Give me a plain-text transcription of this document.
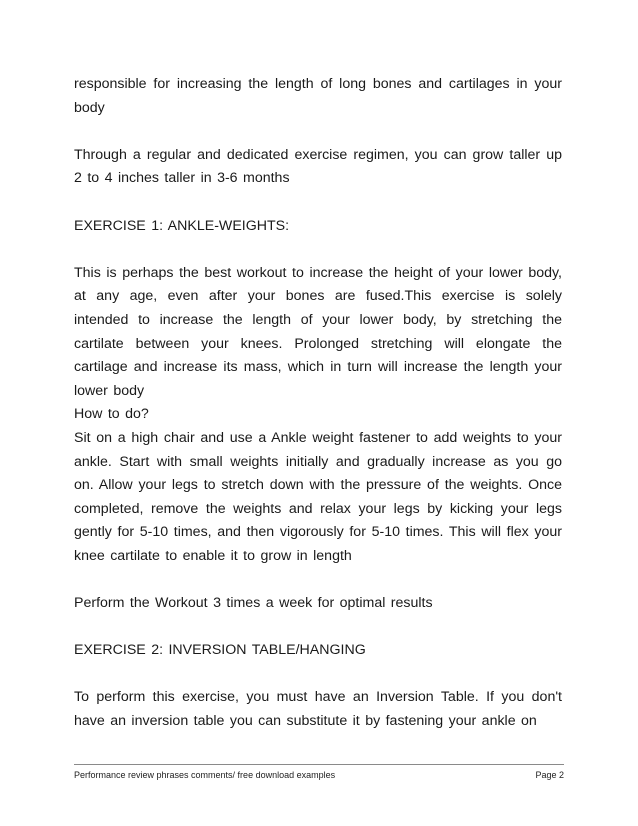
responsible for increasing the length of long bones and cartilages in your body

Through a regular and dedicated exercise regimen, you can grow taller up 2 to 4 inches taller in 3-6 months

EXERCISE 1: ANKLE-WEIGHTS:

This is perhaps the best workout to increase the height of your lower body, at any age, even after your bones are fused.This exercise is solely intended to increase the length of your lower body, by stretching the cartilate between your knees. Prolonged stretching will elongate the cartilage and increase its mass, which in turn will increase the length your lower body

How to do?

Sit on a high chair and use a Ankle weight fastener to add weights to your ankle. Start with small weights initially and gradually increase as you go on. Allow your legs to stretch down with the pressure of the weights. Once completed, remove the weights and relax your legs by kicking your legs gently for 5-10 times, and then vigorously for 5-10 times. This will flex your knee cartilate to enable it to grow in length

Perform the Workout 3 times a week for optimal results

EXERCISE 2: INVERSION TABLE/HANGING

To perform this exercise, you must have an Inversion Table. If you don't have an inversion table you can substitute it by fastening your ankle on

Performance review phrases comments/ free download examples	Page 2
